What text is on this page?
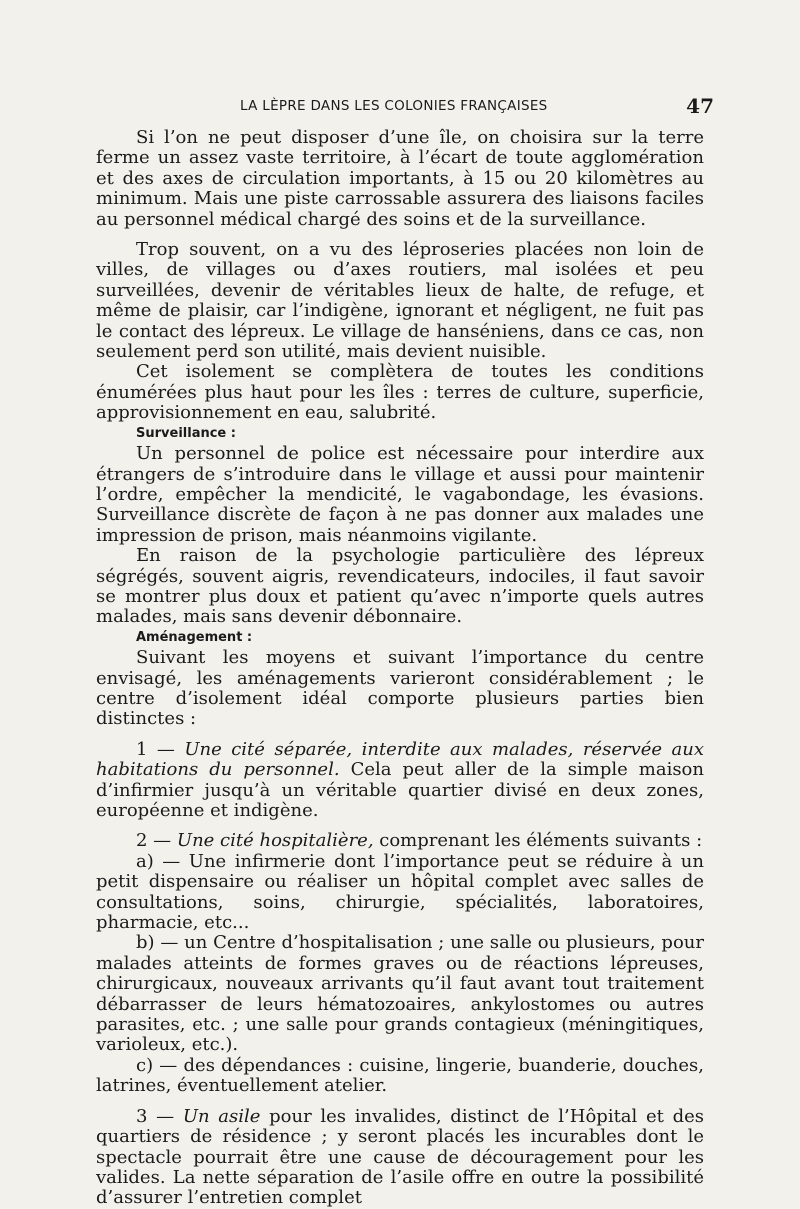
LA LÈPRE DANS LES COLONIES FRANÇAISES	47

Si l’on ne peut disposer d’une île, on choisira sur la terre ferme un assez vaste territoire, à l’écart de toute agglomération et des axes de circulation importants, à 15 ou 20 kilomètres au minimum. Mais une piste carrossable assurera des liaisons faciles au personnel médical chargé des soins et de la surveillance.

Trop souvent, on a vu des léproseries placées non loin de villes, de villages ou d’axes routiers, mal isolées et peu surveillées, devenir de véritables lieux de halte, de refuge, et même de plaisir, car l’indigène, ignorant et négligent, ne fuit pas le contact des lépreux. Le village de hanséniens, dans ce cas, non seulement perd son utilité, mais devient nuisible.

Cet isolement se complètera de toutes les conditions énumérées plus haut pour les îles : terres de culture, superficie, approvisionnement en eau, salubrité.

Surveillance :

Un personnel de police est nécessaire pour interdire aux étrangers de s’introduire dans le village et aussi pour maintenir l’ordre, empêcher la mendicité, le vagabondage, les évasions. Surveillance discrète de façon à ne pas donner aux malades une impression de prison, mais néanmoins vigilante.

En raison de la psychologie particulière des lépreux ségrégés, souvent aigris, revendicateurs, indociles, il faut savoir se montrer plus doux et patient qu’avec n’importe quels autres malades, mais sans devenir débonnaire.

Aménagement :

Suivant les moyens et suivant l’importance du centre envisagé, les aménagements varieront considérablement ; le centre d’isolement idéal comporte plusieurs parties bien distinctes :

1 — Une cité séparée, interdite aux malades, réservée aux habitations du personnel. Cela peut aller de la simple maison d’infirmier jusqu’à un véritable quartier divisé en deux zones, européenne et indigène.

2 — Une cité hospitalière, comprenant les éléments suivants :

a) — Une infirmerie dont l’importance peut se réduire à un petit dispensaire ou réaliser un hôpital complet avec salles de consultations, soins, chirurgie, spécialités, laboratoires, pharmacie, etc...

b) — un Centre d’hospitalisation ; une salle ou plusieurs, pour malades atteints de formes graves ou de réactions lépreuses, chirurgicaux, nouveaux arrivants qu’il faut avant tout traitement débarrasser de leurs hématozoaires, ankylostomes ou autres parasites, etc. ; une salle pour grands contagieux (méningitiques, varioleux, etc.).

c) — des dépendances : cuisine, lingerie, buanderie, douches, latrines, éventuellement atelier.

3 — Un asile pour les invalides, distinct de l’Hôpital et des quartiers de résidence ; y seront placés les incurables dont le spectacle pourrait être une cause de découragement pour les valides. La nette séparation de l’asile offre en outre la possibilité d’assurer l’entretien complet
